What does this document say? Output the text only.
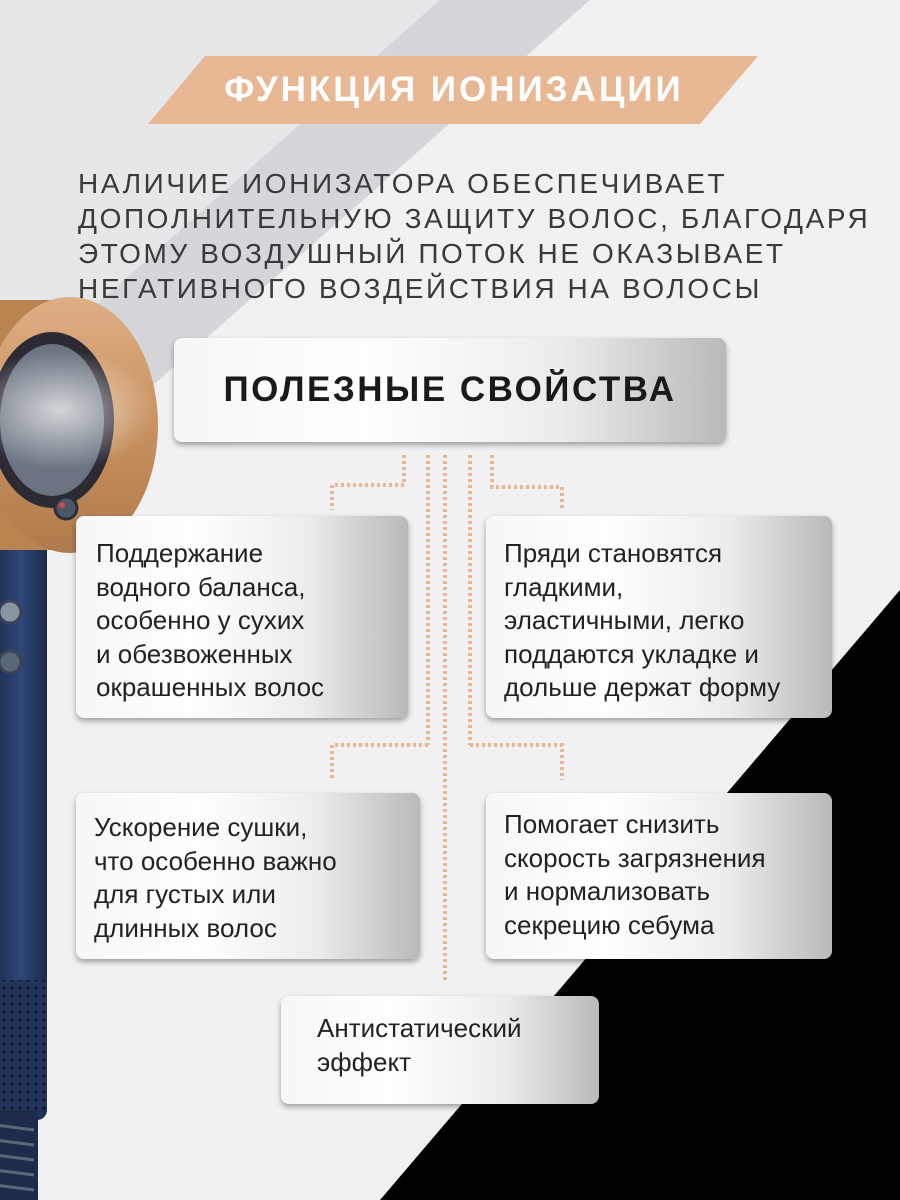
ФУНКЦИЯ ИОНИЗАЦИИ

НАЛИЧИЕ ИОНИЗАТОРА ОБЕСПЕЧИВАЕТ
ДОПОЛНИТЕЛЬНУЮ ЗАЩИТУ ВОЛОС, БЛАГОДАРЯ
ЭТОМУ ВОЗДУШНЫЙ ПОТОК НЕ ОКАЗЫВАЕТ
НЕГАТИВНОГО ВОЗДЕЙСТВИЯ НА ВОЛОСЫ

ПОЛЕЗНЫЕ СВОЙСТВА
Поддержание
водного баланса,
особенно у сухих
и обезвоженных
окрашенных волос
Пряди становятся
гладкими,
эластичными, легко
поддаются укладке и
дольше держат форму
Ускорение сушки,
что особенно важно
для густых или
длинных волос
Помогает снизить
скорость загрязнения
и нормализовать
секрецию себума
Антистатический
эффект
